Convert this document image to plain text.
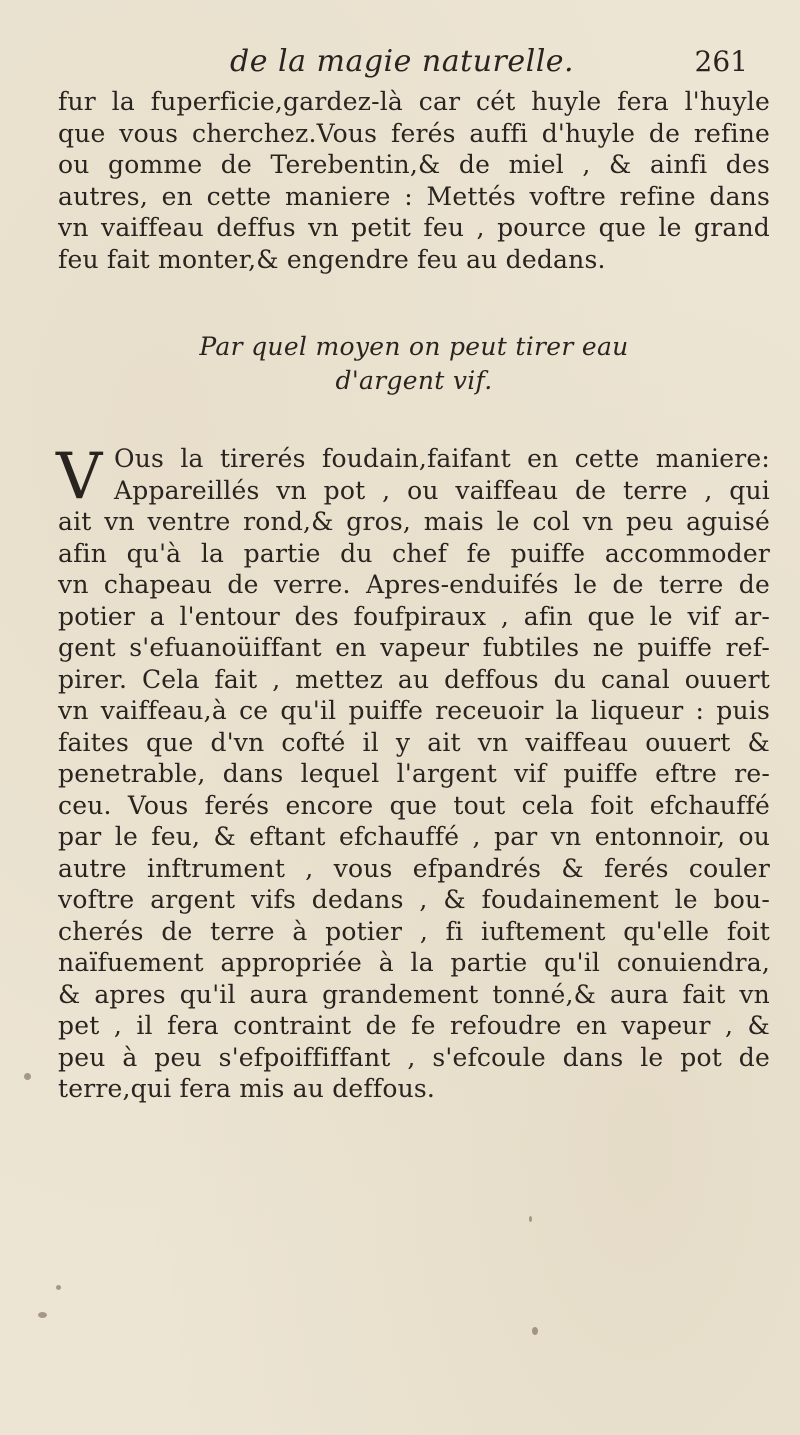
de la magie naturelle.	261
fur la fuperficie,gardez-là car cét huyle fera l'huyle
que vous cherchez.Vous ferés auffi d'huyle de refine
ou gomme de Terebentin,& de miel , & ainfi des
autres, en cette maniere : Mettés voftre refine dans
vn vaiffeau deffus vn petit feu , pource que le grand
feu fait monter,& engendre feu au dedans.
Par quel moyen on peut tirer eau
d'argent vif.
V Ous la tirerés foudain,faifant en cette maniere:
Appareillés vn pot , ou vaiffeau de terre , qui
ait vn ventre rond,& gros, mais le col vn peu aguisé
afin qu'à la partie du chef fe puiffe accommoder
vn chapeau de verre. Apres-enduifés le de terre de
potier a l'entour des foufpiraux , afin que le vif ar-
gent s'efuanoüiffant en vapeur fubtiles ne puiffe ref-
pirer. Cela fait , mettez au deffous du canal ouuert
vn vaiffeau,à ce qu'il puiffe receuoir la liqueur : puis
faites que d'vn cofté il y ait vn vaiffeau ouuert &
penetrable, dans lequel l'argent vif puiffe eftre re-
ceu. Vous ferés encore que tout cela foit efchauffé
par le feu, & eftant efchauffé , par vn entonnoir, ou
autre inftrument , vous efpandrés & ferés couler
voftre argent vifs dedans , & foudainement le bou-
cherés de terre à potier , fi iuftement qu'elle foit
naïfuement appropriée à la partie qu'il conuiendra,
& apres qu'il aura grandement tonné,& aura fait vn
pet , il fera contraint de fe refoudre en vapeur , &
peu à peu s'efpoiffiffant , s'efcoule dans le pot de
terre,qui fera mis au deffous.
